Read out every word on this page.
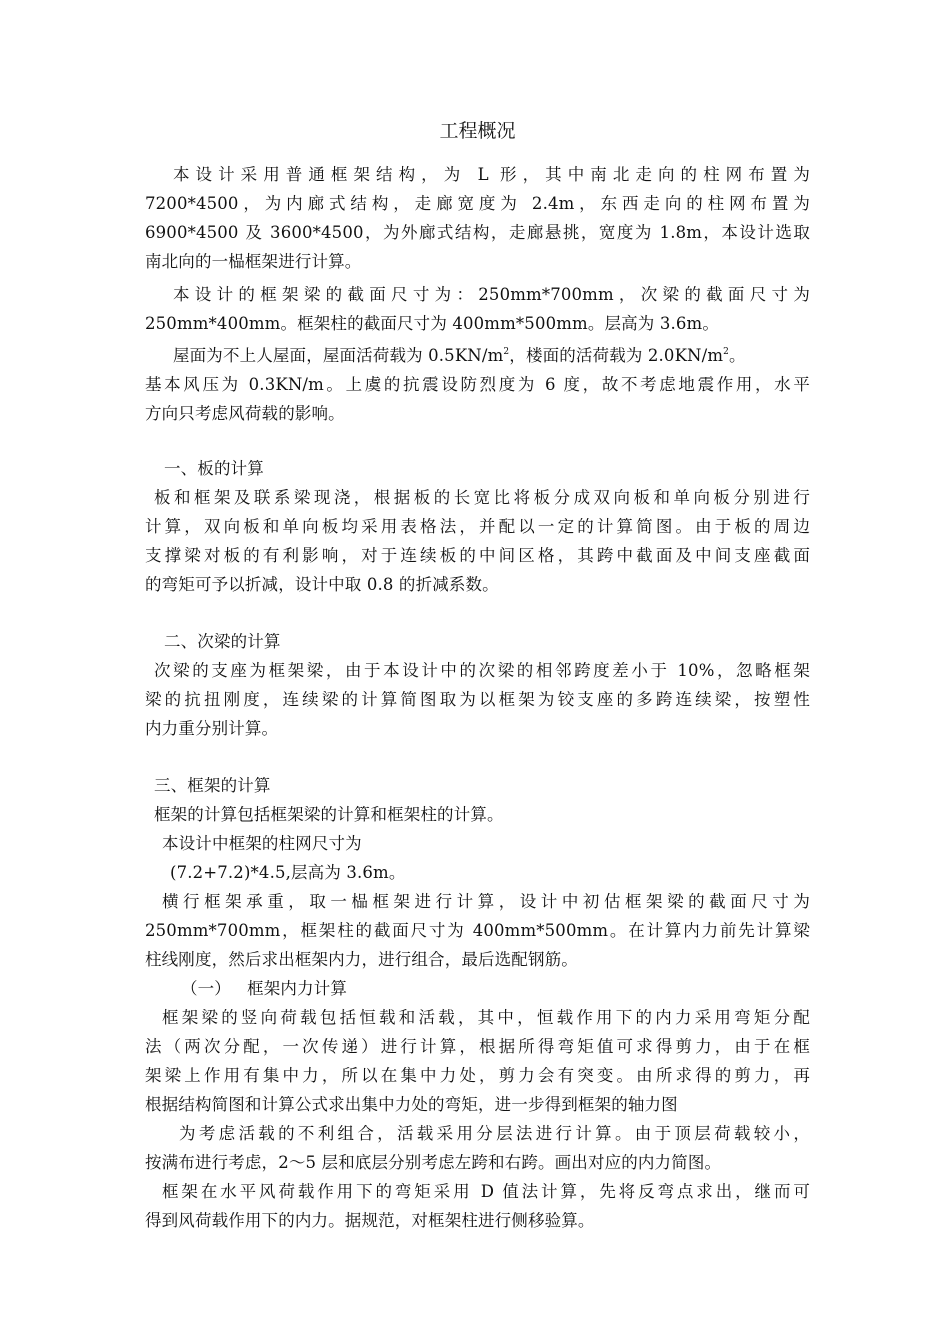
工程概况
本设计采用普通框架结构，为 L 形，其中南北走向的柱网布置为
7200*4500，为内廊式结构，走廊宽度为 2.4m，东西走向的柱网布置为
6900*4500 及 3600*4500，为外廊式结构，走廊悬挑，宽度为 1.8m，本设计选取
南北向的一榀框架进行计算。
本设计的框架梁的截面尺寸为：250mm*700mm，次梁的截面尺寸为
250mm*400mm。框架柱的截面尺寸为 400mm*500mm。层高为 3.6m。
屋面为不上人屋面，屋面活荷载为 $0.5KN/m^2$，楼面的活荷载为 $2.0KN/m^2$。
基本风压为 0.3KN/m。上虞的抗震设防烈度为 6 度，故不考虑地震作用，水平
方向只考虑风荷载的影响。
一、板的计算
板和框架及联系梁现浇，根据板的长宽比将板分成双向板和单向板分别进行
计算，双向板和单向板均采用表格法，并配以一定的计算简图。由于板的周边
支撑梁对板的有利影响，对于连续板的中间区格，其跨中截面及中间支座截面
的弯矩可予以折减，设计中取 0.8 的折减系数。
二、次梁的计算
次梁的支座为框架梁，由于本设计中的次梁的相邻跨度差小于 10%，忽略框架
梁的抗扭刚度，连续梁的计算简图取为以框架为铰支座的多跨连续梁，按塑性
内力重分别计算。
三、框架的计算
框架的计算包括框架梁的计算和框架柱的计算。
本设计中框架的柱网尺寸为
(7.2+7.2)*4.5,层高为 3.6m。
横行框架承重，取一榀框架进行计算，设计中初估框架梁的截面尺寸为
250mm*700mm，框架柱的截面尺寸为 400mm*500mm。在计算内力前先计算梁
柱线刚度，然后求出框架内力，进行组合，最后选配钢筋。
（一）   框架内力计算
框架梁的竖向荷载包括恒载和活载，其中，恒载作用下的内力采用弯矩分配
法（两次分配，一次传递）进行计算，根据所得弯矩值可求得剪力，由于在框
架梁上作用有集中力，所以在集中力处，剪力会有突变。由所求得的剪力，再
根据结构简图和计算公式求出集中力处的弯矩，进一步得到框架的轴力图
为考虑活载的不利组合，活载采用分层法进行计算。由于顶层荷载较小，
按满布进行考虑，2～5 层和底层分别考虑左跨和右跨。画出对应的内力简图。
框架在水平风荷载作用下的弯矩采用 D 值法计算，先将反弯点求出，继而可
得到风荷载作用下的内力。据规范，对框架柱进行侧移验算。
